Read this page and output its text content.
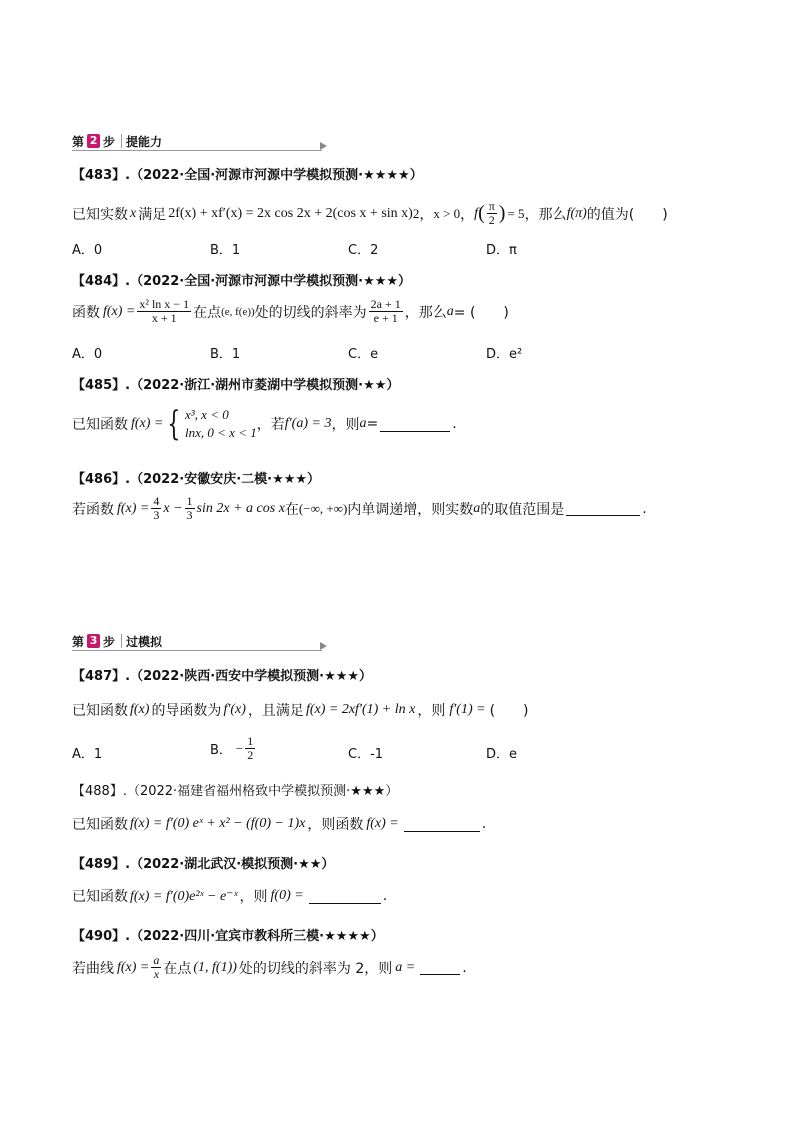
第 2 步 提能力
【483】.（2022·全国·河源市河源中学模拟预测·★★★★）
已知实数 x 满足 2f(x) + xf′(x) = 2x cos 2x + 2(cos x + sin x) 2 ， x > 0 ， f ( $\frac{\pi}{2}$ ) = 5 ，那么 f(π) 的值为(　　)
A．0	B．1	C．2	D．π
【484】.（2022·全国·河源市河源中学模拟预测·★★★）
函数 $f(x) = \frac{\text{x² ln x − 1}}{x + 1}$ 在点 (e, f(e)) 处的切线的斜率为 $\frac{2a + 1}{e + 1}$ ，那么 a = (　　)
A．0	B．1	C．e	D．e²
【485】.（2022·浙江·湖州市菱湖中学模拟预测·★★）
已知函数 f(x) = { x³, x < 0
lnx, 0 < x < 1 ，若 f′(a) = 3 ，则 a =	.
【486】.（2022·安徽安庆·二模·★★★）
若函数 $f(x) = \frac{4}{3}$ $x - \frac{1}{3}$ sin 2x + a cos x 在 (−∞, +∞) 内单调递增，则实数 a 的取值范围是	.
第 3 步 过模拟
【487】.（2022·陕西·西安中学模拟预测·★★★）
已知函数 f(x) 的导函数为 f′(x) ，且满足 f(x) = 2xf′(1) + ln x ，则 f′(1) = (　　)
A．1	B． − $\frac{1}{2}$	C．-1	D．e
【488】.（2022·福建省福州格致中学模拟预测·★★★）
已知函数 f(x) = f′(0) eˣ + x² − (f(0) − 1)x ，则函数 f(x) =	.
【489】.（2022·湖北武汉·模拟预测·★★）
已知函数 f(x) = f′(0)e²ˣ − e⁻ˣ ，则 f(0) =	.
【490】.（2022·四川·宜宾市教科所三模·★★★★）
若曲线 $f(x) = \frac{a}{x}$ 在点 (1, f(1)) 处的切线的斜率为 2，则 a =	.
